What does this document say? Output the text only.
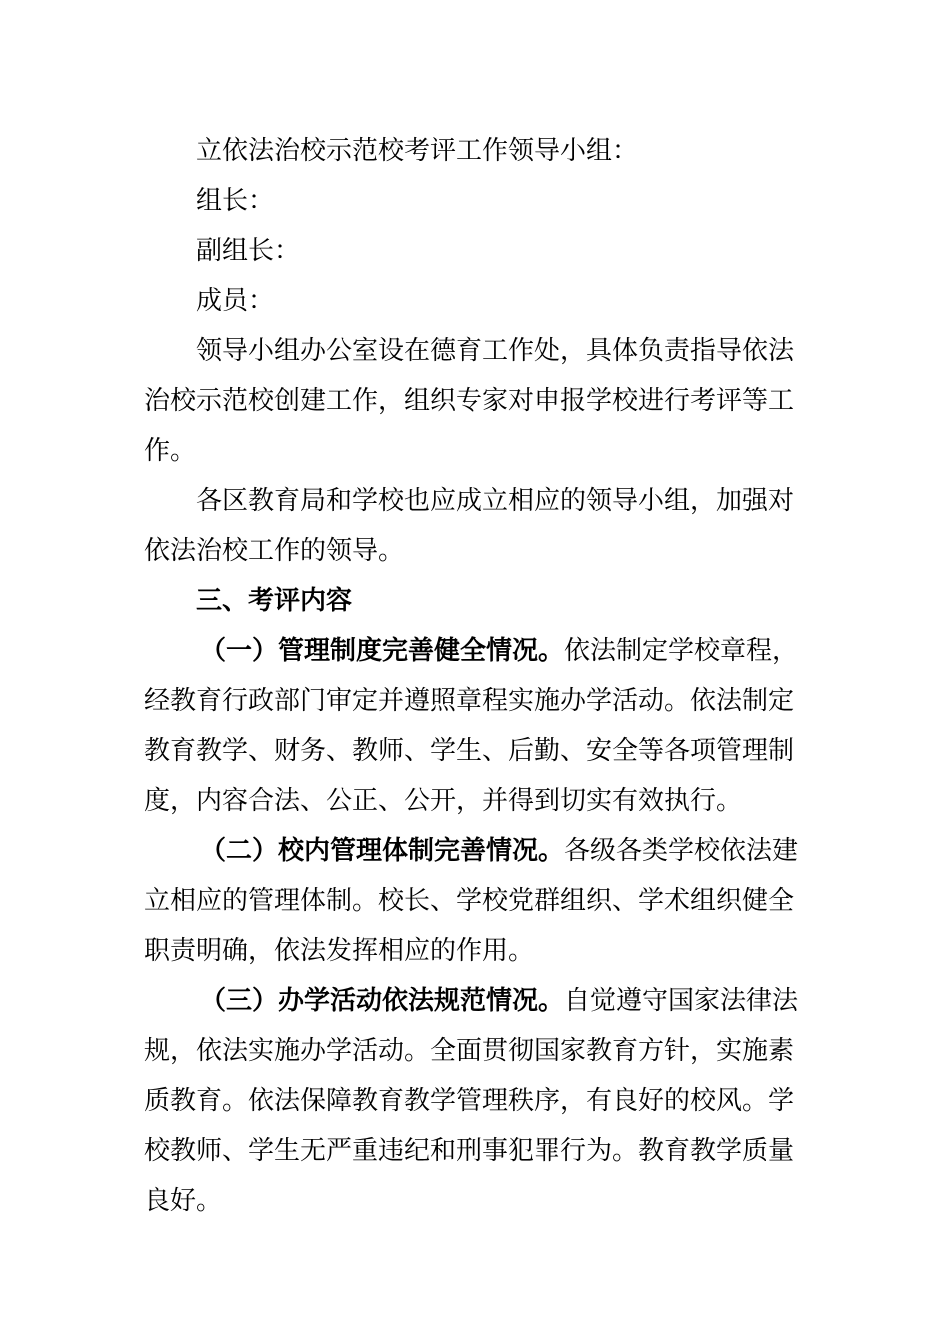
立依法治校示范校考评工作领导小组：
组长：
副组长：
成员：
领导小组办公室设在德育工作处，具体负责指导依法
治校示范校创建工作，组织专家对申报学校进行考评等工
作。
各区教育局和学校也应成立相应的领导小组，加强对
依法治校工作的领导。
三、考评内容
（一）管理制度完善健全情况。依法制定学校章程，
经教育行政部门审定并遵照章程实施办学活动。依法制定
教育教学、财务、教师、学生、后勤、安全等各项管理制
度，内容合法、公正、公开，并得到切实有效执行。
（二）校内管理体制完善情况。各级各类学校依法建
立相应的管理体制。校长、学校党群组织、学术组织健全
职责明确，依法发挥相应的作用。
（三）办学活动依法规范情况。自觉遵守国家法律法
规，依法实施办学活动。全面贯彻国家教育方针，实施素
质教育。依法保障教育教学管理秩序，有良好的校风。学
校教师、学生无严重违纪和刑事犯罪行为。教育教学质量
良好。
